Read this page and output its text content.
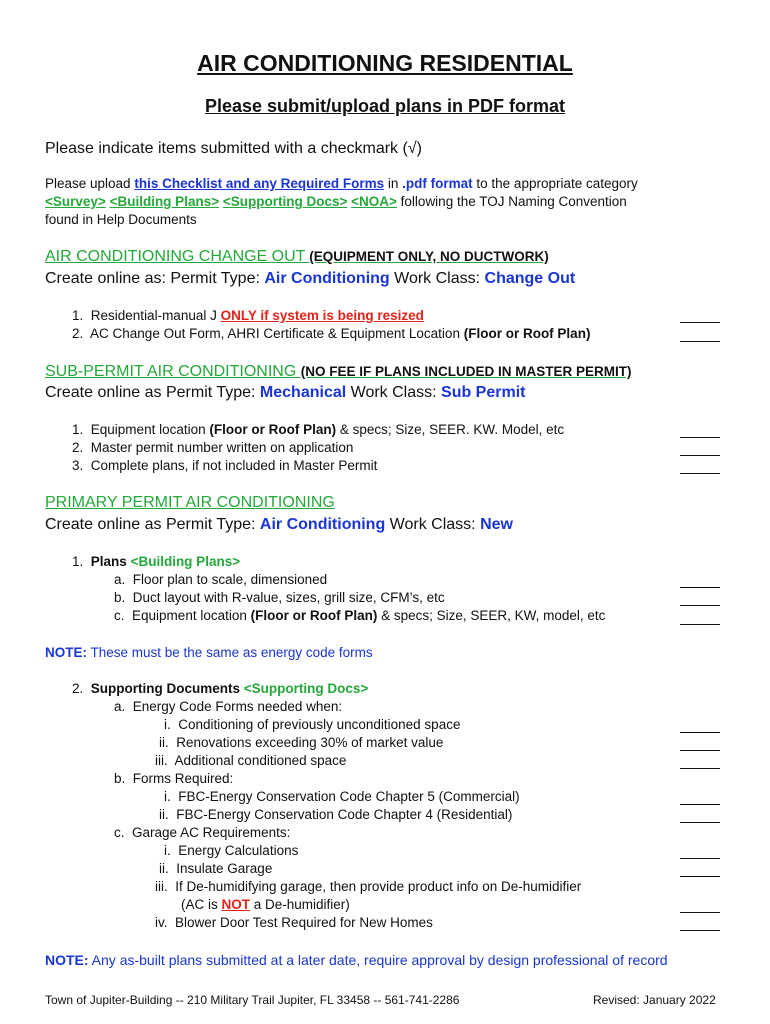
AIR CONDITIONING RESIDENTIAL
Please submit/upload plans in PDF format
Please indicate items submitted with a checkmark (√)
Please upload this Checklist and any Required Forms in .pdf format to the appropriate category
<Survey> <Building Plans> <Supporting Docs> <NOA> following the TOJ Naming Convention
found in Help Documents
AIR CONDITIONING CHANGE OUT (EQUIPMENT ONLY, NO DUCTWORK)
Create online as: Permit Type: Air Conditioning Work Class: Change Out
1. Residential-manual J ONLY if system is being resized
2. AC Change Out Form, AHRI Certificate & Equipment Location (Floor or Roof Plan)
SUB-PERMIT AIR CONDITIONING (NO FEE IF PLANS INCLUDED IN MASTER PERMIT)
Create online as Permit Type: Mechanical Work Class: Sub Permit
1. Equipment location (Floor or Roof Plan) & specs; Size, SEER. KW. Model, etc
2. Master permit number written on application
3. Complete plans, if not included in Master Permit
PRIMARY PERMIT AIR CONDITIONING
Create online as Permit Type: Air Conditioning Work Class: New
1. Plans <Building Plans>
a. Floor plan to scale, dimensioned
b. Duct layout with R-value, sizes, grill size, CFM’s, etc
c. Equipment location (Floor or Roof Plan) & specs; Size, SEER, KW, model, etc
NOTE: These must be the same as energy code forms
2. Supporting Documents <Supporting Docs>
a. Energy Code Forms needed when:
i. Conditioning of previously unconditioned space
ii. Renovations exceeding 30% of market value
iii. Additional conditioned space
b. Forms Required:
i. FBC-Energy Conservation Code Chapter 5 (Commercial)
ii. FBC-Energy Conservation Code Chapter 4 (Residential)
c. Garage AC Requirements:
i. Energy Calculations
ii. Insulate Garage
iii. If De-humidifying garage, then provide product info on De-humidifier
(AC is NOT a De-humidifier)
iv. Blower Door Test Required for New Homes
NOTE: Any as-built plans submitted at a later date, require approval by design professional of record
Town of Jupiter-Building -- 210 Military Trail Jupiter, FL 33458 -- 561-741-2286	Revised: January 2022
